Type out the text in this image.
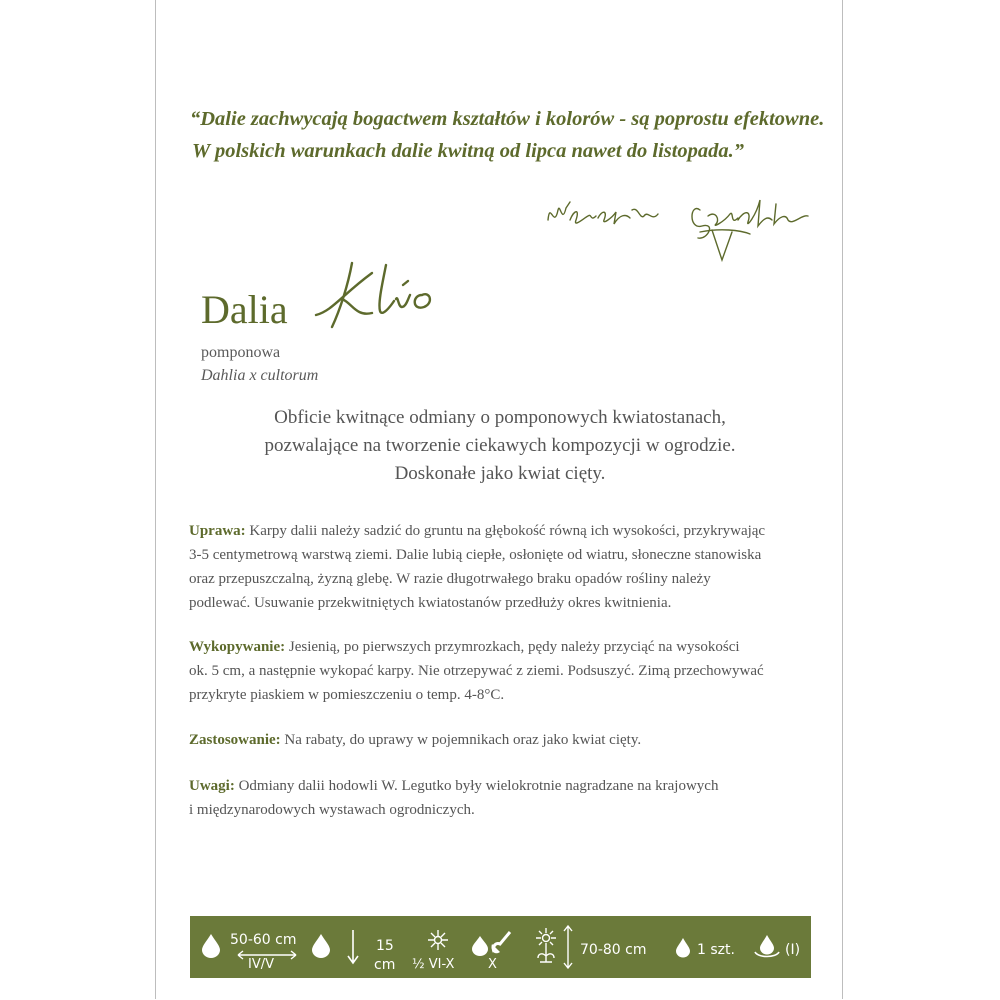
“Dalie zachwycają bogactwem kształtów i kolorów - są poprostu efektowne.

W polskich warunkach dalie kwitną od lipca nawet do listopada.”

Dalia
pomponowa
Dahlia x cultorum

Obficie kwitnące odmiany o pomponowych kwiatostanach,

pozwalające na tworzenie ciekawych kompozycji w ogrodzie.

Doskonałe jako kwiat cięty.

Uprawa: Karpy dalii należy sadzić do gruntu na głębokość równą ich wysokości, przykrywając
3-5 centymetrową warstwą ziemi. Dalie lubią ciepłe, osłonięte od wiatru, słoneczne stanowiska
oraz przepuszczalną, żyzną glebę. W razie długotrwałego braku opadów rośliny należy
podlewać. Usuwanie przekwitniętych kwiatostanów przedłuży okres kwitnienia.

Wykopywanie: Jesienią, po pierwszych przymrozkach, pędy należy przyciąć na wysokości
ok. 5 cm, a następnie wykopać karpy. Nie otrzepywać z ziemi. Podsuszyć. Zimą przechowywać
przykryte piaskiem w pomieszczeniu o temp. 4-8°C.

Zastosowanie: Na rabaty, do uprawy w pojemnikach oraz jako kwiat cięty.

Uwagi: Odmiany dalii hodowli W. Legutko były wielokrotnie nagradzane na krajowych
i międzynarodowych wystawach ogrodniczych.

50-60 cm
IV/V
15
cm ½ VI-X	X
70-80 cm	1 szt.	(I)
